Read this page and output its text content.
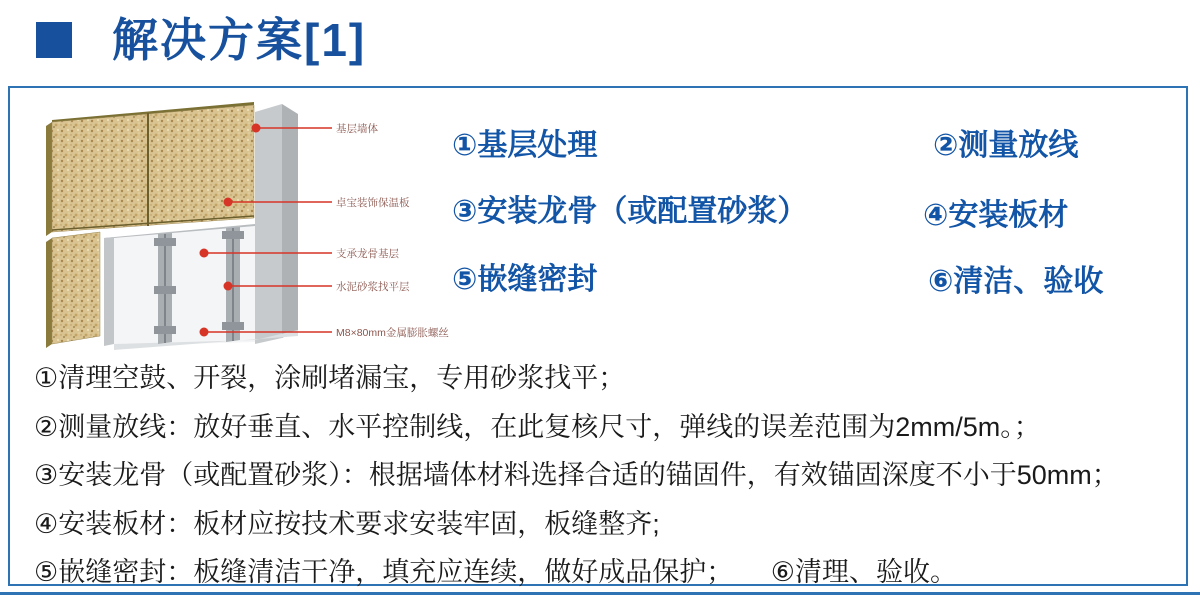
解决方案[1]
基层墙体
卓宝装饰保温板
支承龙骨基层
水泥砂浆找平层
M8×80mm金属膨胀螺丝
①基层处理	②测量放线
③安装龙骨（或配置砂浆）	④安装板材
⑤嵌缝密封	⑥清洁、验收
①清理空鼓、开裂，涂刷堵漏宝，专用砂浆找平；
②测量放线：放好垂直、水平控制线，在此复核尺寸，弹线的误差范围为2mm/5m。；
③安装龙骨（或配置砂浆）：根据墙体材料选择合适的锚固件，有效锚固深度不小于50mm；
④安装板材：板材应按技术要求安装牢固，板缝整齐;
⑤嵌缝密封：板缝清洁干净，填充应连续，做好成品保护； ⑥清理、验收。
